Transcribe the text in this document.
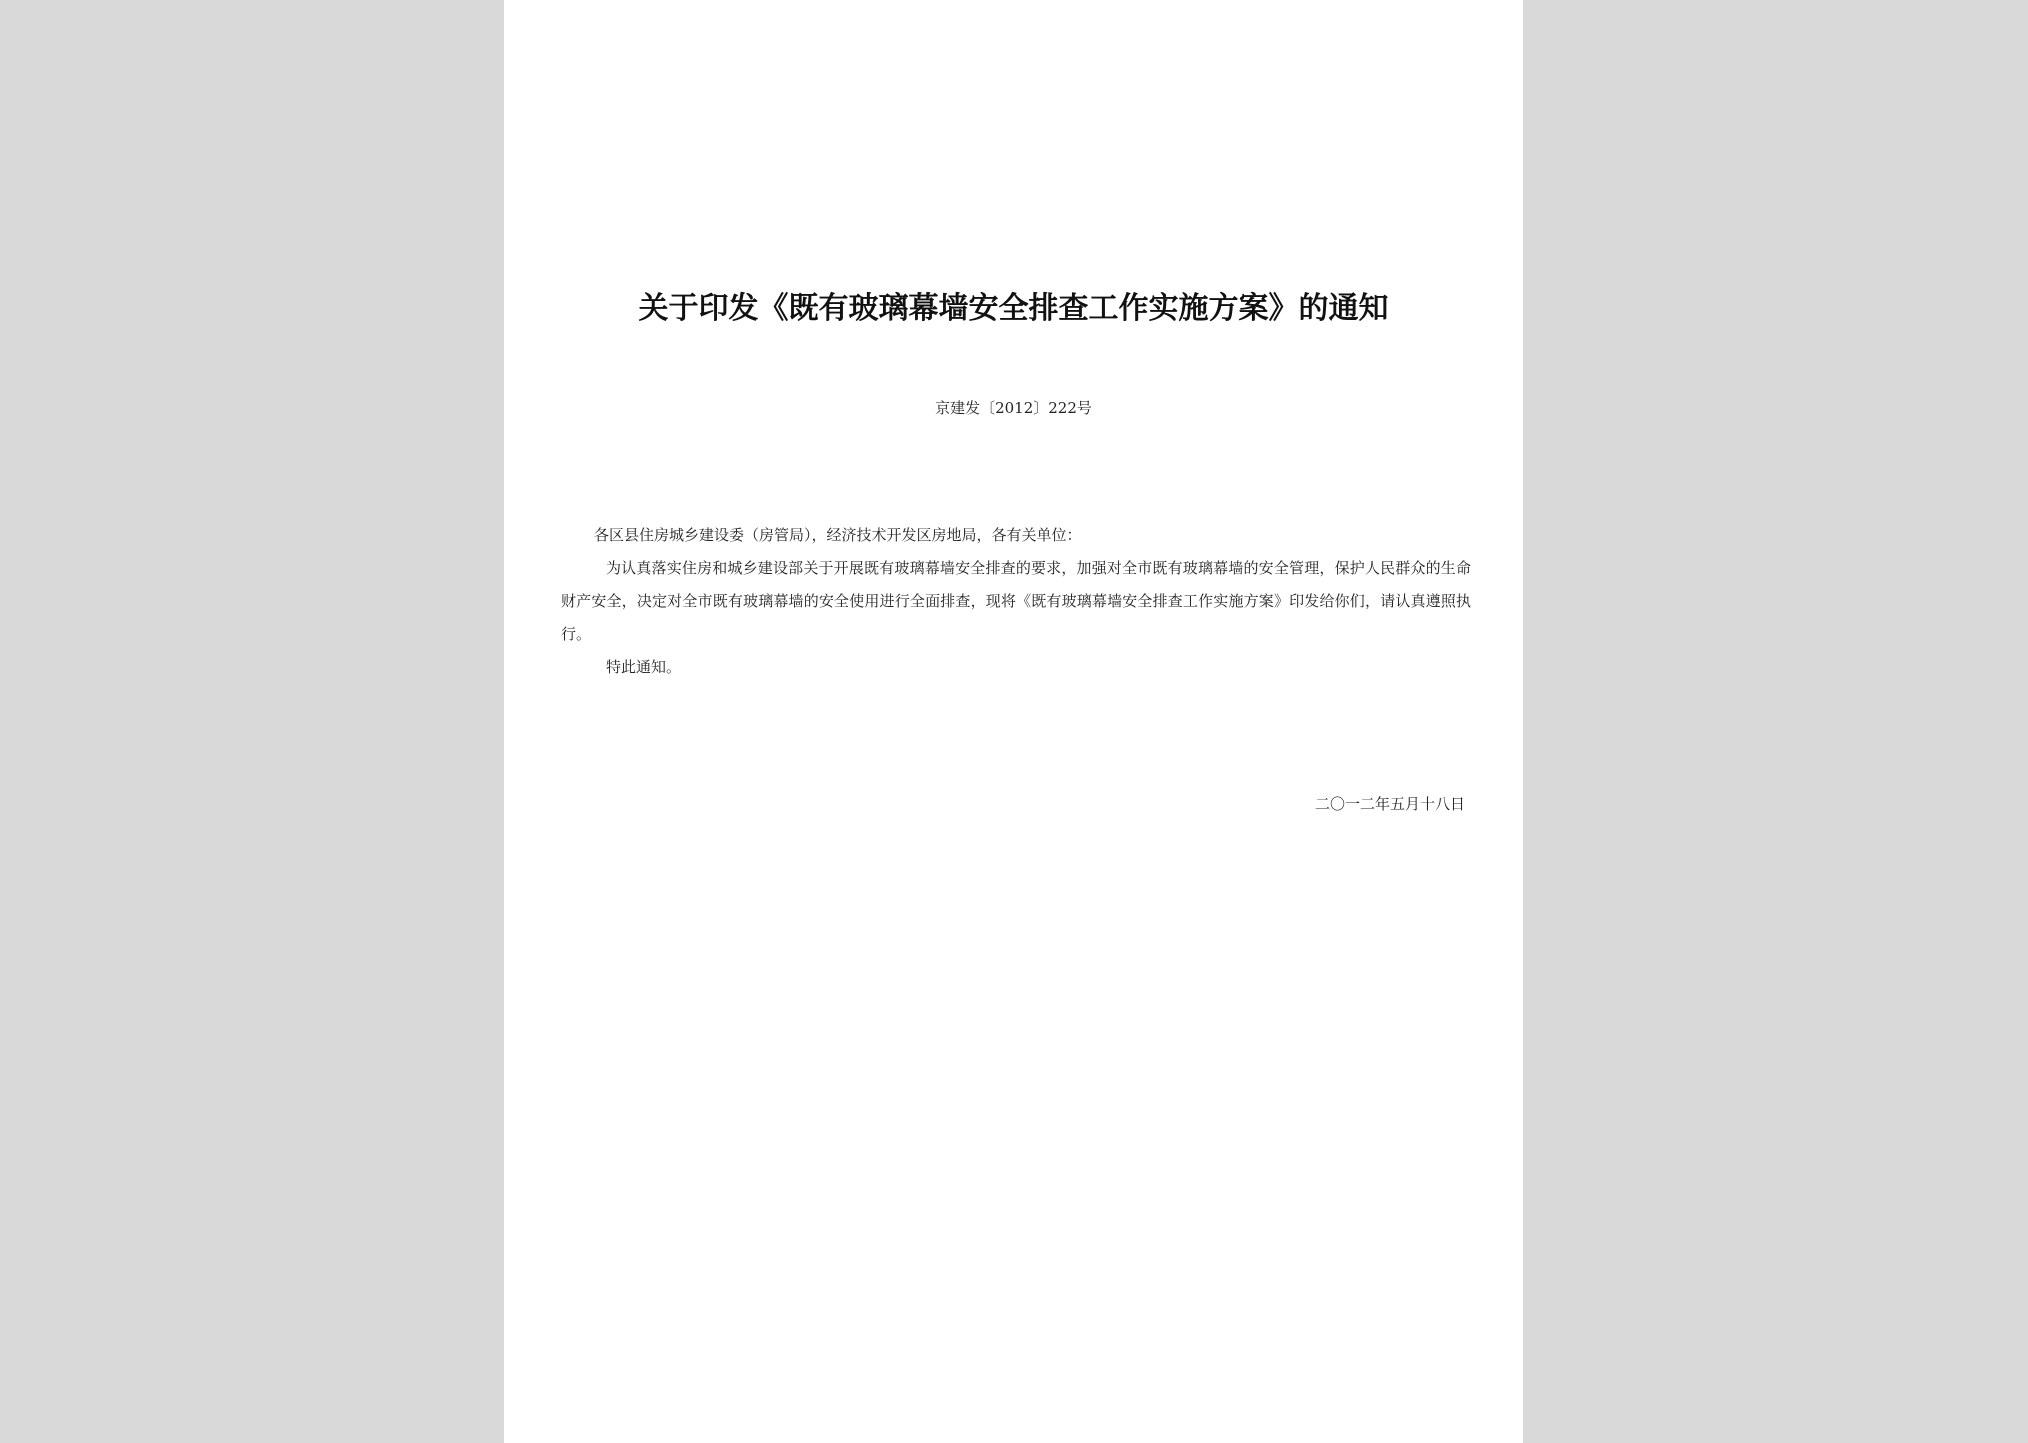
关于印发《既有玻璃幕墙安全排查工作实施方案》的通知
京建发〔2012〕222号

各区县住房城乡建设委（房管局），经济技术开发区房地局，各有关单位：

为认真落实住房和城乡建设部关于开展既有玻璃幕墙安全排查的要求，加强对全市既有玻璃幕墙的安全管理，保护人民群众的生命财产安全，决定对全市既有玻璃幕墙的安全使用进行全面排查，现将《既有玻璃幕墙安全排查工作实施方案》印发给你们，请认真遵照执行。

特此通知。

二〇一二年五月十八日
